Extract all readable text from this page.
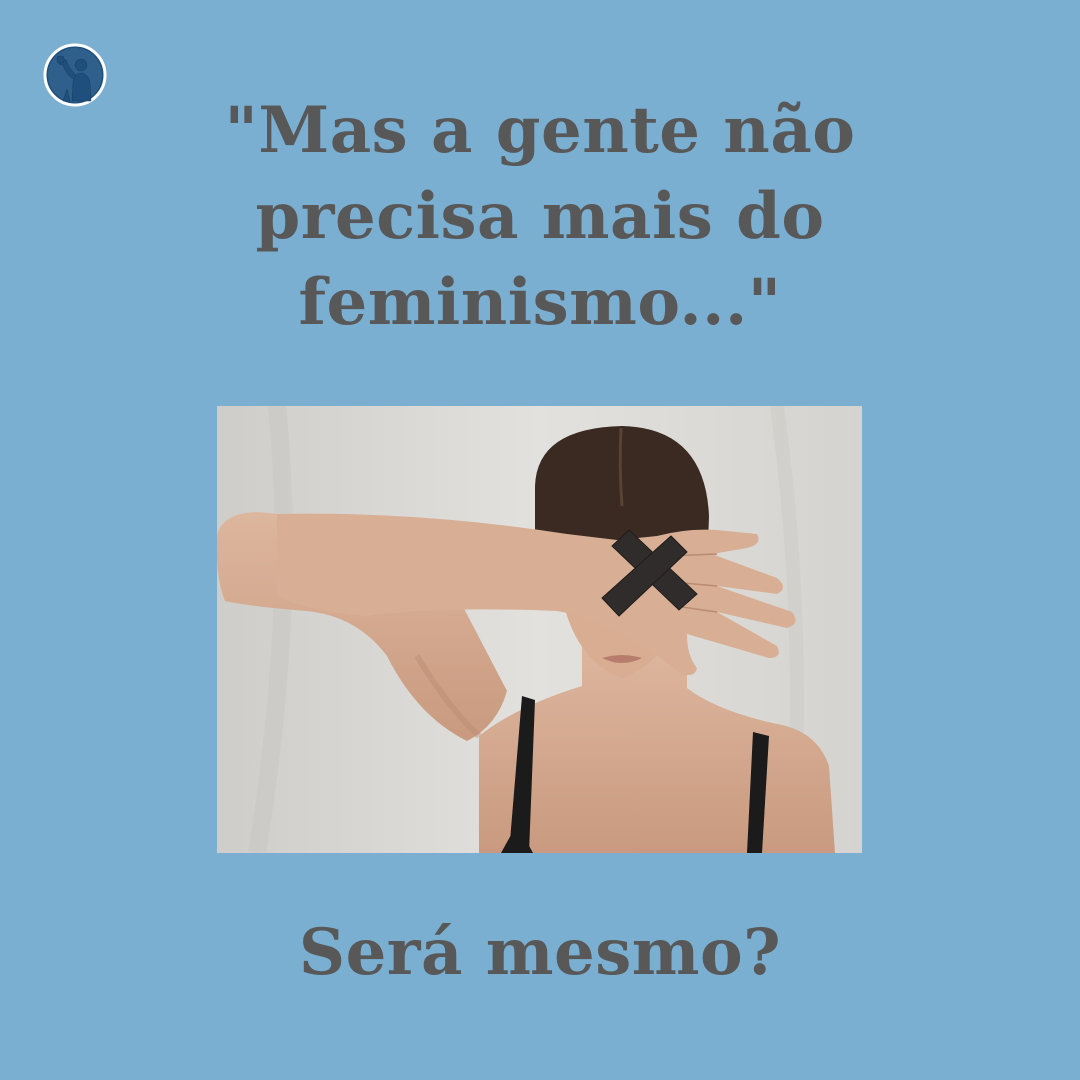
"Mas a gente não precisa mais do feminismo..."
Será mesmo?
